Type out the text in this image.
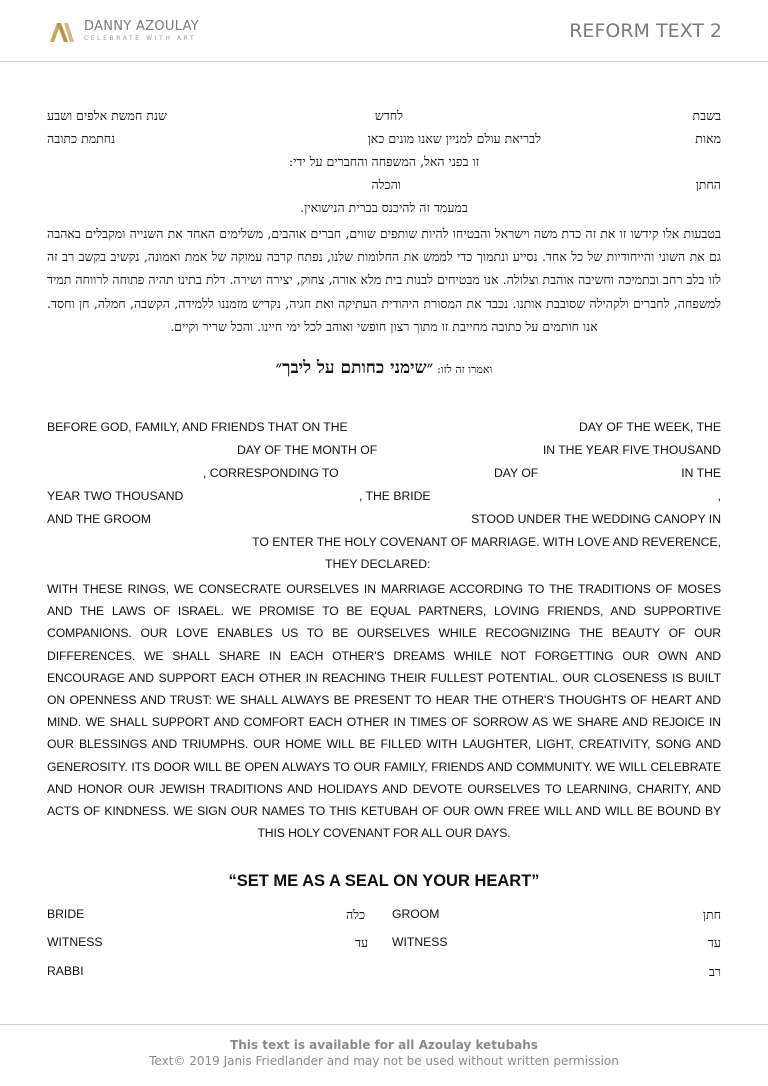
DANNY AZOULAY
CELEBRATE WITH ART	REFORM TEXT 2
בשבת
לחדש
שנת חמשת אלפים ושבע
מאות
לבריאת עולם למניין שאנו מונים כאן
נחתמת כתובה
זו בפני האל, המשפחה והחברים על ידי:
החתן
והכלה
במעמד זה להיכנס בברית הנישואין.
בטבעות אלו קידשו זו את זה כדת משה וישראל והבטיחו להיות שותפים שווים, חברים אוהבים, משלימים האחד את השנייה ומקבלים באהבה גם את השוני והייחודיות של כל אחד. נסייע ונתמוך כדי לממש את החלומות שלנו, נפתח קרבה עמוקה של אמת ואמונה, נקשיב בקשב רב זה לזו בלב רחב ובתמיכה וחשיבה אוהבת וצלולה. אנו מבטיחים לבנות בית מלא אורה, צחוק, יצירה ושירה. דלת בתינו תהיה פתוחה לרווחה תמיד למשפחה, לחברים ולקהילה שסובבת אותנו. נכבד את המסורת היהודית העתיקה ואת חגיה, נקדיש מזמננו ללמידה, הקשבה, חמלה, חן וחסד. אנו חותמים על כתובה מחייבת זו מתוך רצון חופשי ואוהב לכל ימי חיינו. והכל שריר וקיים.
ואמרו זה לזו: ״שימני כחותם על ליבך״
BEFORE GOD, FAMILY, AND FRIENDS THAT ON THE	DAY OF THE WEEK, THE
DAY OF THE MONTH OF	IN THE YEAR FIVE THOUSAND
, CORRESPONDING TO	DAY OF	IN THE
YEAR TWO THOUSAND	, THE BRIDE	,
AND THE GROOM	STOOD UNDER THE WEDDING CANOPY IN
TO ENTER THE HOLY COVENANT OF MARRIAGE. WITH LOVE AND REVERENCE,
THEY DECLARED:
WITH THESE RINGS, WE CONSECRATE OURSELVES IN MARRIAGE ACCORDING TO THE TRADITIONS OF MOSES AND THE LAWS OF ISRAEL. WE PROMISE TO BE EQUAL PARTNERS, LOVING FRIENDS, AND SUPPORTIVE COMPANIONS. OUR LOVE ENABLES US TO BE OURSELVES WHILE RECOGNIZING THE BEAUTY OF OUR DIFFERENCES. WE SHALL SHARE IN EACH OTHER'S DREAMS WHILE NOT FORGETTING OUR OWN AND ENCOURAGE AND SUPPORT EACH OTHER IN REACHING THEIR FULLEST POTENTIAL. OUR CLOSENESS IS BUILT ON OPENNESS AND TRUST: WE SHALL ALWAYS BE PRESENT TO HEAR THE OTHER'S THOUGHTS OF HEART AND MIND. WE SHALL SUPPORT AND COMFORT EACH OTHER IN TIMES OF SORROW AS WE SHARE AND REJOICE IN OUR BLESSINGS AND TRIUMPHS. OUR HOME WILL BE FILLED WITH LAUGHTER, LIGHT, CREATIVITY, SONG AND GENEROSITY. ITS DOOR WILL BE OPEN ALWAYS TO OUR FAMILY, FRIENDS AND COMMUNITY. WE WILL CELEBRATE AND HONOR OUR JEWISH TRADITIONS AND HOLIDAYS AND DEVOTE OURSELVES TO LEARNING, CHARITY, AND ACTS OF KINDNESS. WE SIGN OUR NAMES TO THIS KETUBAH OF OUR OWN FREE WILL AND WILL BE BOUND BY THIS HOLY COVENANT FOR ALL OUR DAYS.
“SET ME AS A SEAL ON YOUR HEART”
BRIDE	כלה GROOM	חתן
WITNESS	עד WITNESS	עד
RABBI	רב
This text is available for all Azoulay ketubahs
Text© 2019 Janis Friedlander and may not be used without written permission
